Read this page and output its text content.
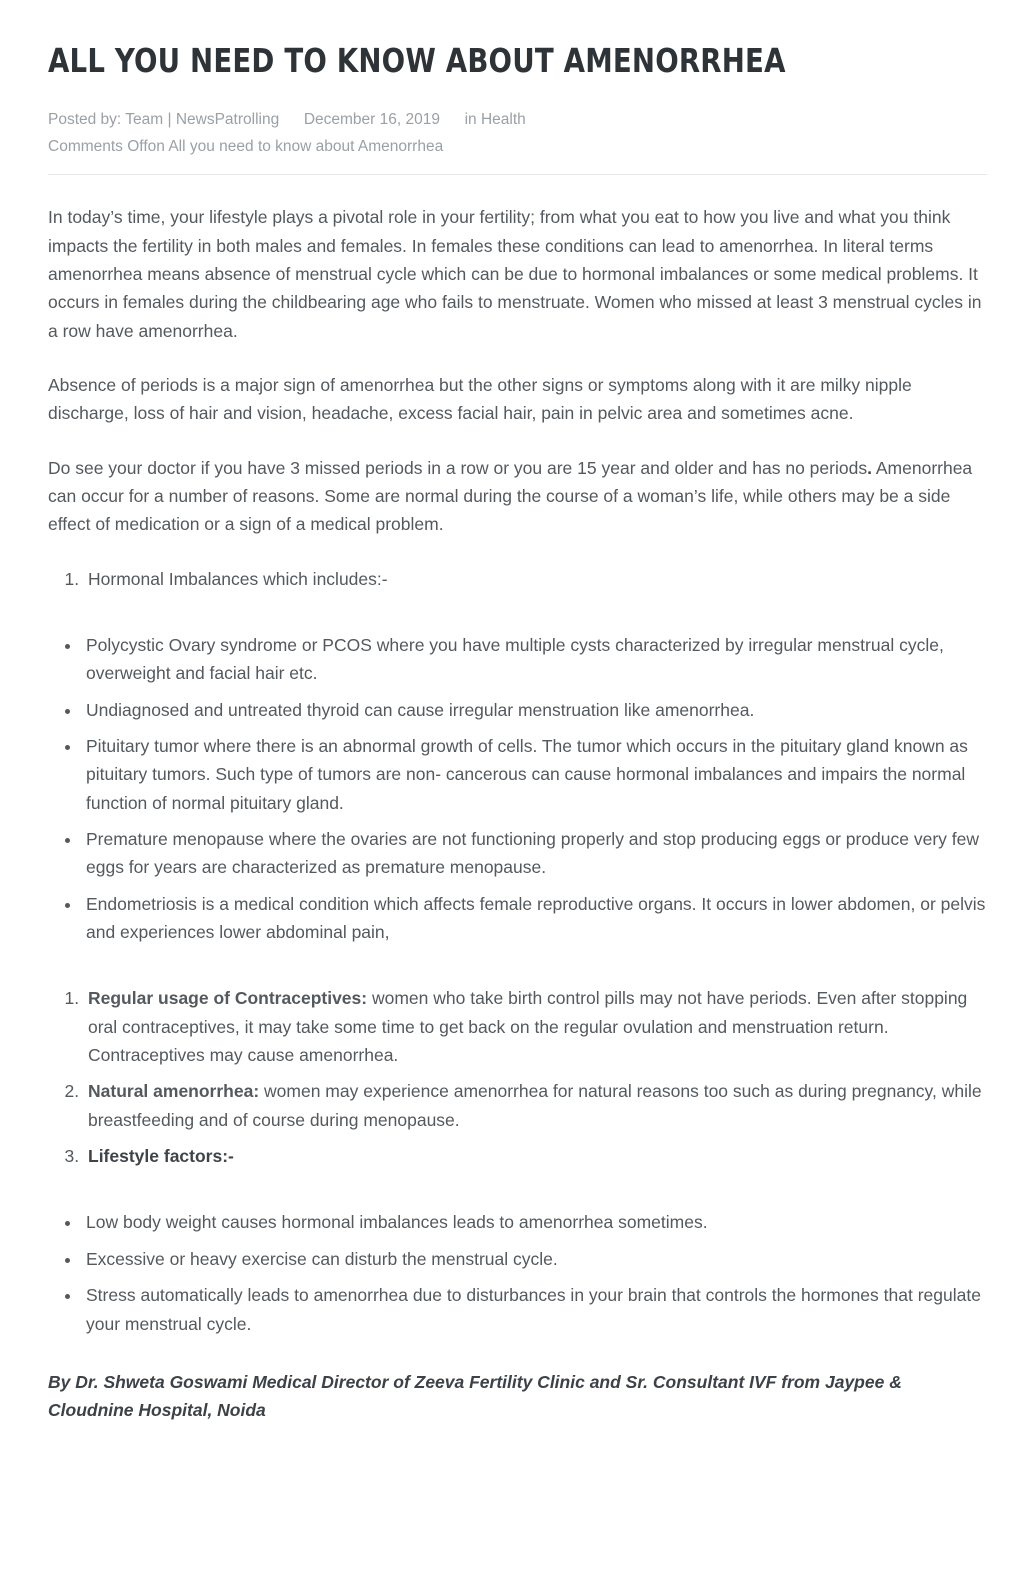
ALL YOU NEED TO KNOW ABOUT AMENORRHEA
Posted by: Team | NewsPatrolling December 16, 2019 in Health
Comments Offon All you need to know about Amenorrhea

In today’s time, your lifestyle plays a pivotal role in your fertility; from what you eat to how you live and what you think impacts the fertility in both males and females. In females these conditions can lead to amenorrhea. In literal terms amenorrhea means absence of menstrual cycle which can be due to hormonal imbalances or some medical problems. It occurs in females during the childbearing age who fails to menstruate. Women who missed at least 3 menstrual cycles in a row have amenorrhea.

Absence of periods is a major sign of amenorrhea but the other signs or symptoms along with it are milky nipple discharge, loss of hair and vision, headache, excess facial hair, pain in pelvic area and sometimes acne.

Do see your doctor if you have 3 missed periods in a row or you are 15 year and older and has no periods. Amenorrhea can occur for a number of reasons. Some are normal during the course of a woman’s life, while others may be a side effect of medication or a sign of a medical problem.

1. Hormonal Imbalances which includes:-
• Polycystic Ovary syndrome or PCOS where you have multiple cysts characterized by irregular menstrual cycle, overweight and facial hair etc.
• Undiagnosed and untreated thyroid can cause irregular menstruation like amenorrhea.
• Pituitary tumor where there is an abnormal growth of cells. The tumor which occurs in the pituitary gland known as pituitary tumors. Such type of tumors are non- cancerous can cause hormonal imbalances and impairs the normal function of normal pituitary gland.
• Premature menopause where the ovaries are not functioning properly and stop producing eggs or produce very few eggs for years are characterized as premature menopause.
• Endometriosis is a medical condition which affects female reproductive organs. It occurs in lower abdomen, or pelvis and experiences lower abdominal pain,
1. Regular usage of Contraceptives: women who take birth control pills may not have periods. Even after stopping oral contraceptives, it may take some time to get back on the regular ovulation and menstruation return. Contraceptives may cause amenorrhea.
2. Natural amenorrhea: women may experience amenorrhea for natural reasons too such as during pregnancy, while breastfeeding and of course during menopause.
3. Lifestyle factors:-
• Low body weight causes hormonal imbalances leads to amenorrhea sometimes.
• Excessive or heavy exercise can disturb the menstrual cycle.
• Stress automatically leads to amenorrhea due to disturbances in your brain that controls the hormones that regulate your menstrual cycle.
By Dr. Shweta Goswami Medical Director of Zeeva Fertility Clinic and Sr. Consultant IVF from Jaypee & Cloudnine Hospital, Noida
